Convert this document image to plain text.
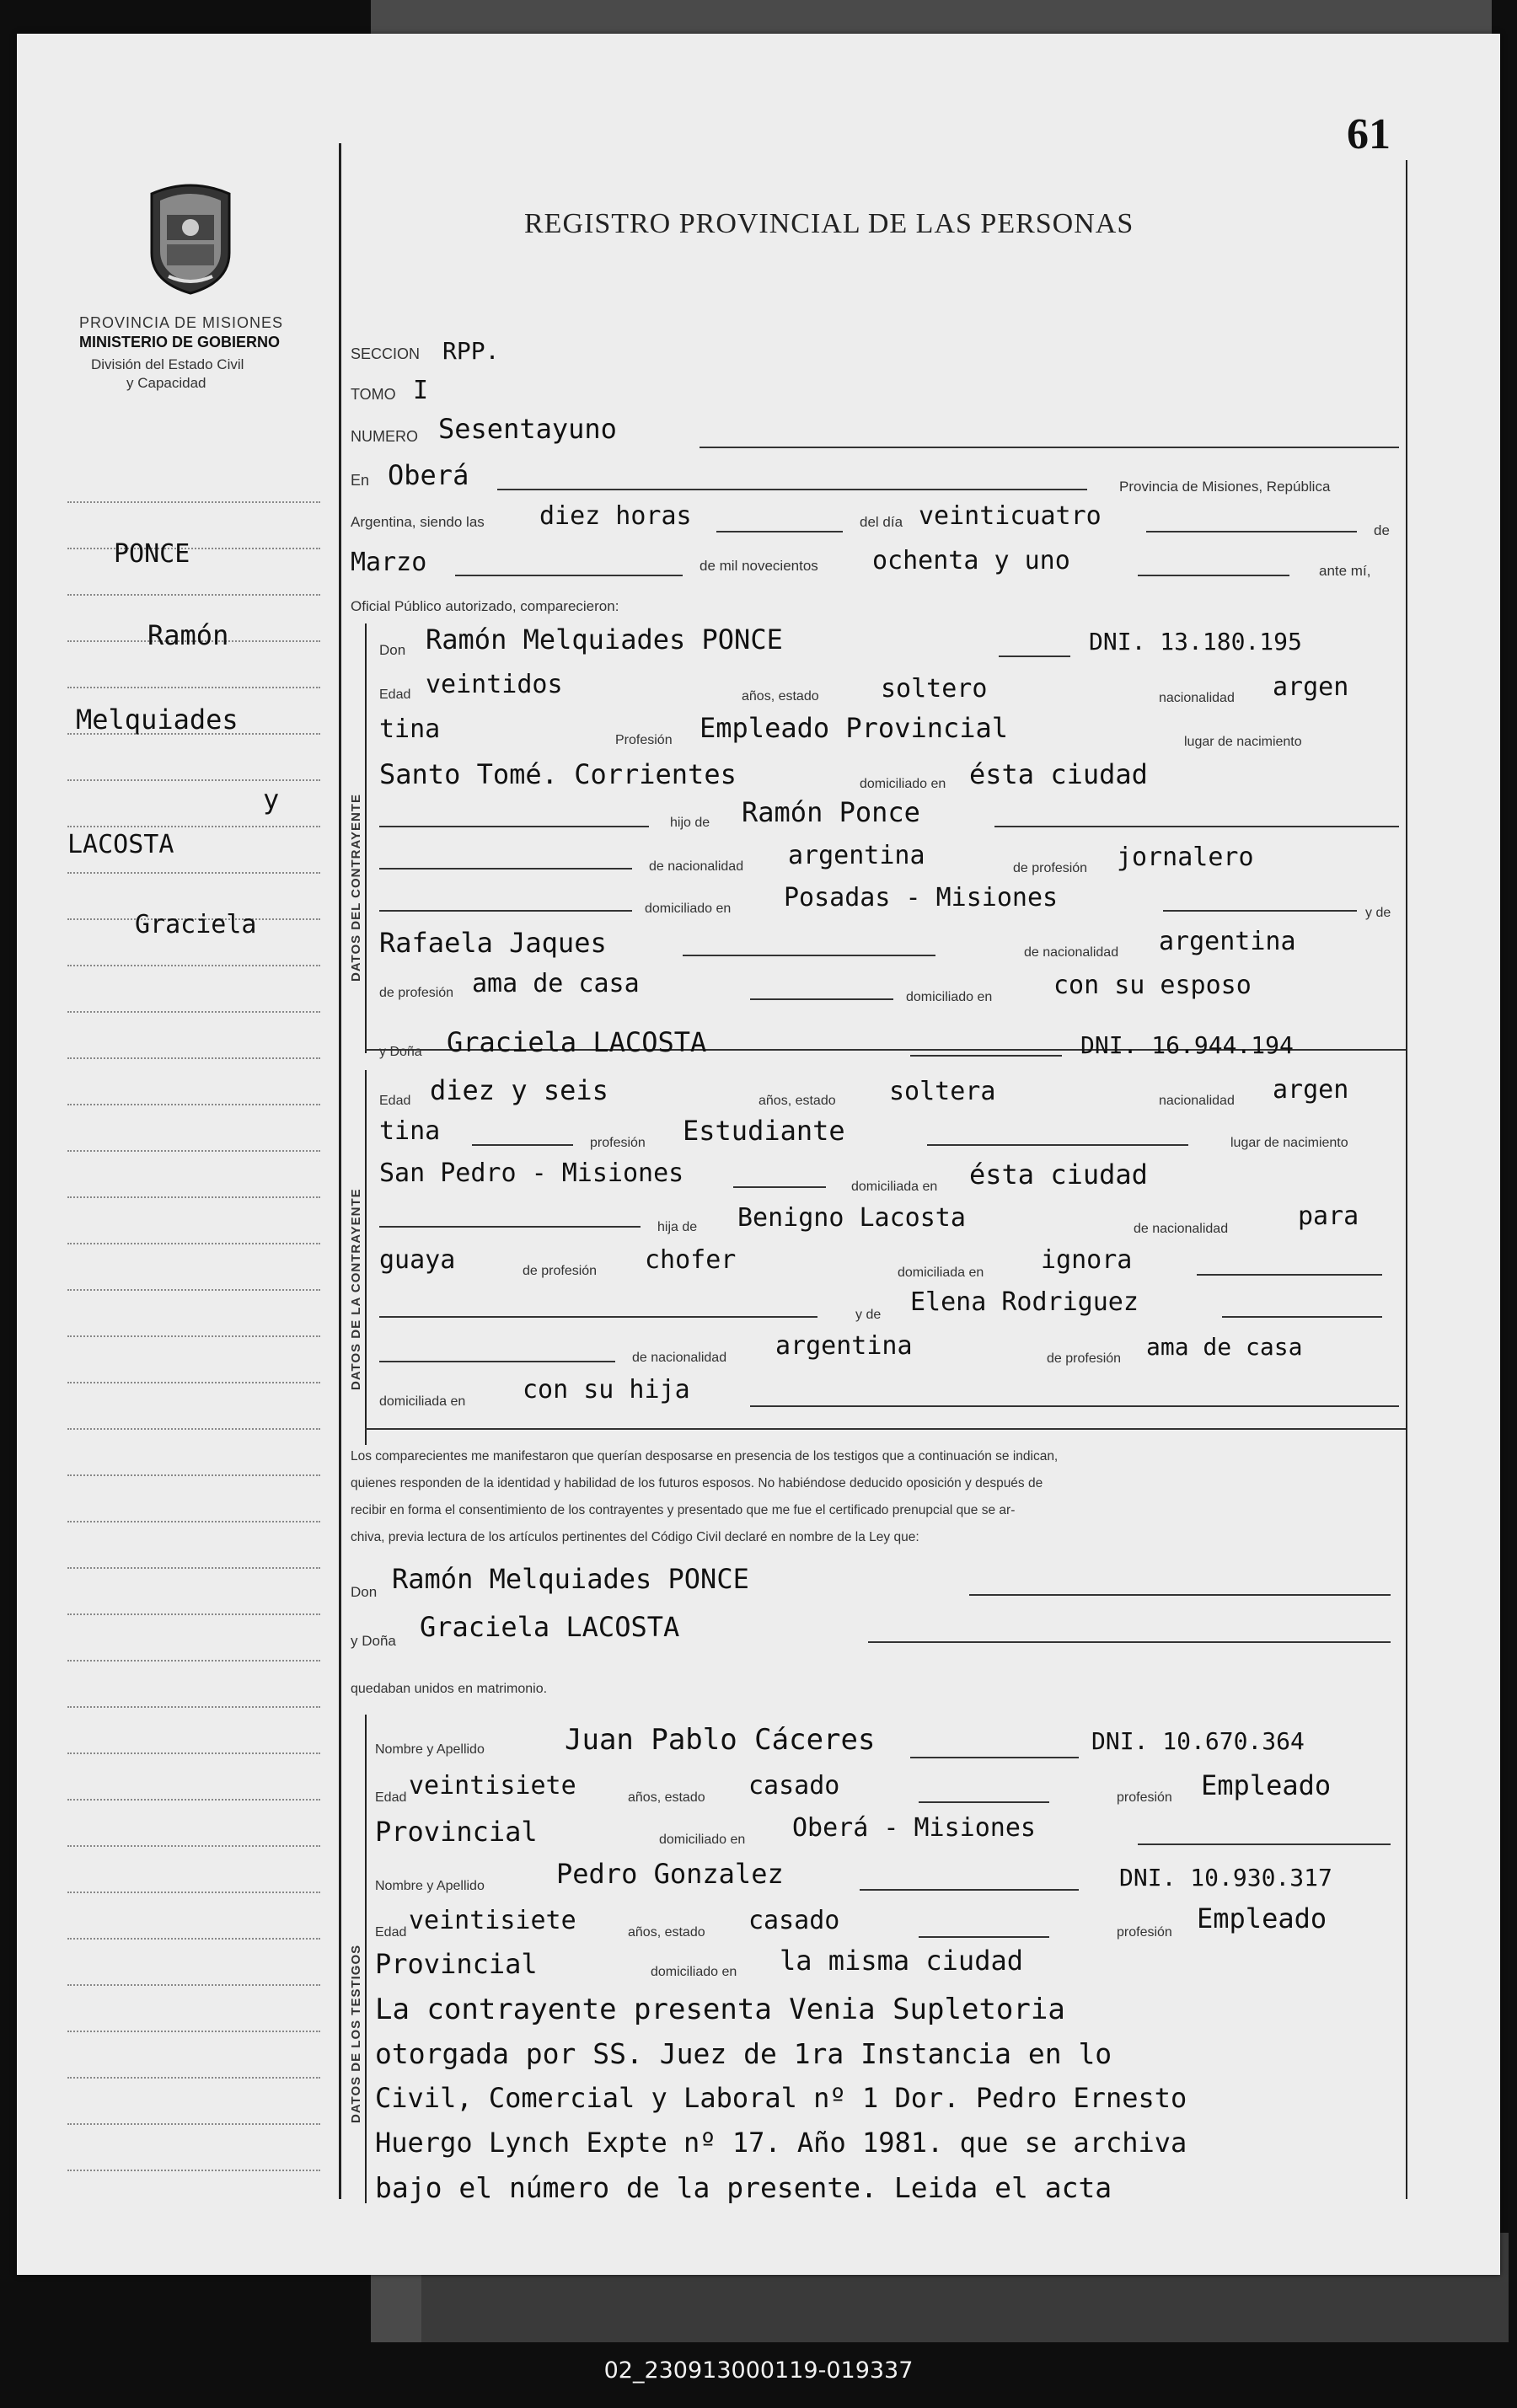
61
PROVINCIA DE MISIONES
MINISTERIO DE GOBIERNO
División del Estado Civil
y Capacidad
REGISTRO PROVINCIAL DE LAS PERSONAS
PONCE
Ramón
Melquiades
y
LACOSTA
Graciela
SECCION RPP.
TOMO I
NUMERO Sesentayuno
En Oberá	Provincia de Misiones, República
Argentina, siendo las diez horas	del día veinticuatro	de
Marzo	de mil novecientos ochenta y uno	ante mí,
Oficial Público autorizado, comparecieron:
DATOS DEL CONTRAYENTE
Don Ramón Melquiades PONCE	DNI. 13.180.195
Edad veintidos	años, estado soltero	nacionalidad argen
tina	Profesión Empleado Provincial	lugar de nacimiento
Santo Tomé. Corrientes	domiciliado en ésta ciudad
hijo de Ramón Ponce
de nacionalidad argentina	de profesión jornalero
domiciliado en Posadas - Misiones
y de
Rafaela Jaques	de nacionalidad argentina
de profesión ama de casa	domiciliado en con su esposo
DATOS DE LA CONTRAYENTE
y Doña Graciela LACOSTA	DNI. 16.944.194
Edad diez y seis	años, estado soltera	nacionalidad argen
tina	profesión Estudiante	lugar de nacimiento
San Pedro - Misiones	domiciliada en ésta ciudad
hija de Benigno Lacosta	de nacionalidad	para
guaya	de profesión chofer	domiciliada en ignora
y de Elena Rodriguez
de nacionalidad argentina	de profesión ama de casa
domiciliada en con su hija
Los comparecientes me manifestaron que querían desposarse en presencia de los testigos que a continuación se indican,
quienes responden de la identidad y habilidad de los futuros esposos. No habiéndose deducido oposición y después de
recibir en forma el consentimiento de los contrayentes y presentado que me fue el certificado prenupcial que se ar-
chiva, previa lectura de los artículos pertinentes del Código Civil declaré en nombre de la Ley que:
Don Ramón Melquiades PONCE
y Doña Graciela LACOSTA
quedaban unidos en matrimonio.
DATOS DE LOS TESTIGOS
Nombre y Apellido	Juan Pablo Cáceres	DNI. 10.670.364
Edad veintisiete	años, estado casado	profesión Empleado
Provincial	domiciliado en Oberá - Misiones
Nombre y Apellido	Pedro Gonzalez	DNI. 10.930.317
Edad veintisiete	años, estado casado	profesión Empleado
Provincial	domiciliado en la misma ciudad
La contrayente presenta Venia Supletoria
otorgada por SS. Juez de 1ra Instancia en lo
Civil, Comercial y Laboral nº 1 Dor. Pedro Ernesto
Huergo Lynch Expte nº 17. Año 1981. que se archiva
bajo el número de la presente. Leida el acta
02_230913000119-019337
